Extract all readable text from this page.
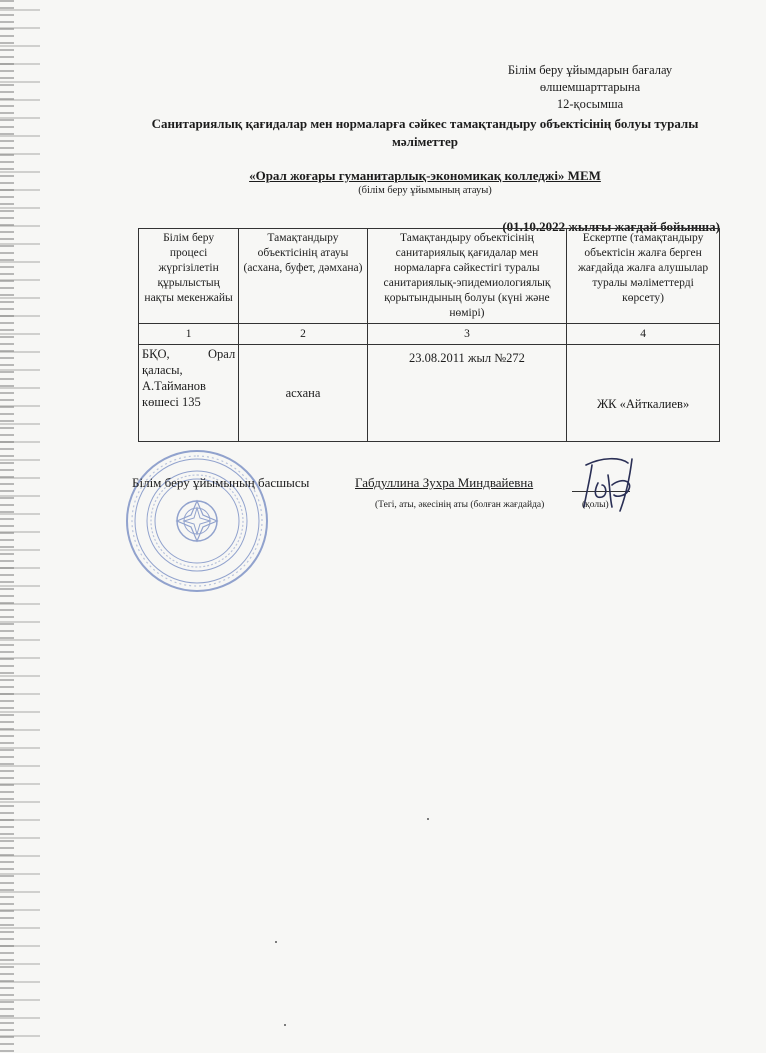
Білім беру ұйымдарын бағалау
өлшемшарттарына
12-қосымша
Санитариялық қағидалар мен нормаларға сәйкес тамақтандыру объектісінің болуы туралы мәліметтер
«Орал жоғары гуманитарлық-экономикақ колледжі» МЕМ
(білім беру ұйымының атауы)
(01.10.2022 жылғы жағдай бойынша)
Білім беру процесі жүргізілетін құрылыстың нақты мекенжайы	Тамақтандыру объектісінің атауы (асхана, буфет, дәмхана)	Тамақтандыру объектісінің санитариялық қағидалар мен нормаларға сәйкестігі туралы санитариялық-эпидемиологиялық қорытындының болуы (күні және нөмірі)	Ескертпе (тамақтандыру объектісін жалға берген жағдайда жалға алушылар туралы мәліметтерді көрсету)
1	2	3	4
БҚО, Орал қаласы, А.Тайманов көшесі 135	асхана	23.08.2011 жыл №272	ЖК «Айткалиев»
Білім беру ұйымының басшысы	Габдуллина Зухра Миндвайевна
(Тегі, аты, әкесінің аты (болған жағдайда)	(қолы)
